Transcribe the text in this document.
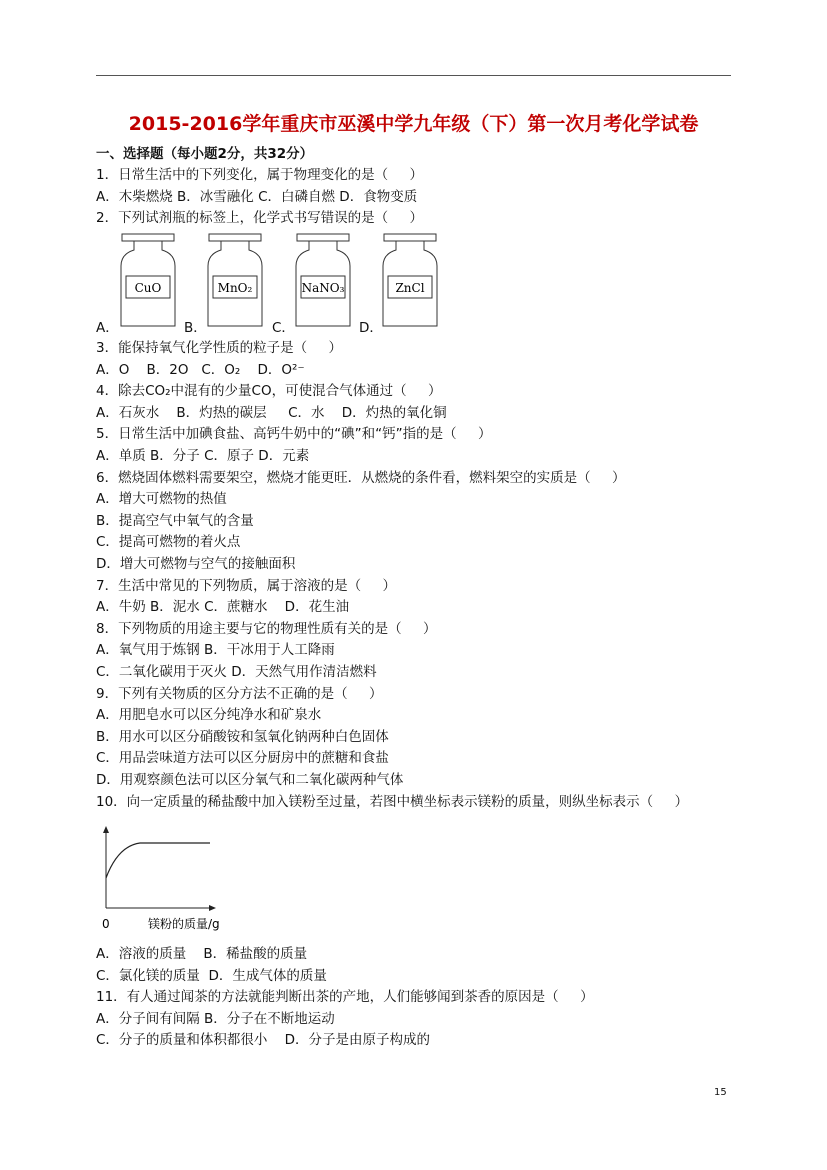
2015-2016学年重庆市巫溪中学九年级（下）第一次月考化学试卷
一、选择题（每小题2分，共32分）
1．日常生活中的下列变化，属于物理变化的是（     ）
A．木柴燃烧 B．冰雪融化 C．白磷自燃 D．食物变质
2．下列试剂瓶的标签上，化学式书写错误的是（     ）
CuO	MnO₂	NaNO₃	ZnCl
A．	B．	C．	D．
3．能保持氧气化学性质的粒子是（     ）
A．O    B．2O   C．O₂    D．O²⁻
4．除去CO₂中混有的少量CO，可使混合气体通过（     ）
A．石灰水    B．灼热的碳层     C．水    D．灼热的氧化铜
5．日常生活中加碘食盐、高钙牛奶中的“碘”和“钙”指的是（     ）
A．单质 B．分子 C．原子 D．元素
6．燃烧固体燃料需要架空，燃烧才能更旺．从燃烧的条件看，燃料架空的实质是（     ）
A．增大可燃物的热值
B．提高空气中氧气的含量
C．提高可燃物的着火点
D．增大可燃物与空气的接触面积
7．生活中常见的下列物质，属于溶液的是（     ）
A．牛奶 B．泥水 C．蔗糖水    D．花生油
8．下列物质的用途主要与它的物理性质有关的是（     ）
A．氧气用于炼钢 B．干冰用于人工降雨
C．二氧化碳用于灭火 D．天然气用作清洁燃料
9．下列有关物质的区分方法不正确的是（     ）
A．用肥皂水可以区分纯净水和矿泉水
B．用水可以区分硝酸铵和氢氧化钠两种白色固体
C．用品尝味道方法可以区分厨房中的蔗糖和食盐
D．用观察颜色法可以区分氧气和二氧化碳两种气体
10．向一定质量的稀盐酸中加入镁粉至过量，若图中横坐标表示镁粉的质量，则纵坐标表示（     ）
0	镁粉的质量/g
A．溶液的质量    B．稀盐酸的质量
C．氯化镁的质量  D．生成气体的质量
11．有人通过闻茶的方法就能判断出茶的产地，人们能够闻到茶香的原因是（     ）
A．分子间有间隔 B．分子在不断地运动
C．分子的质量和体积都很小    D．分子是由原子构成的
15
